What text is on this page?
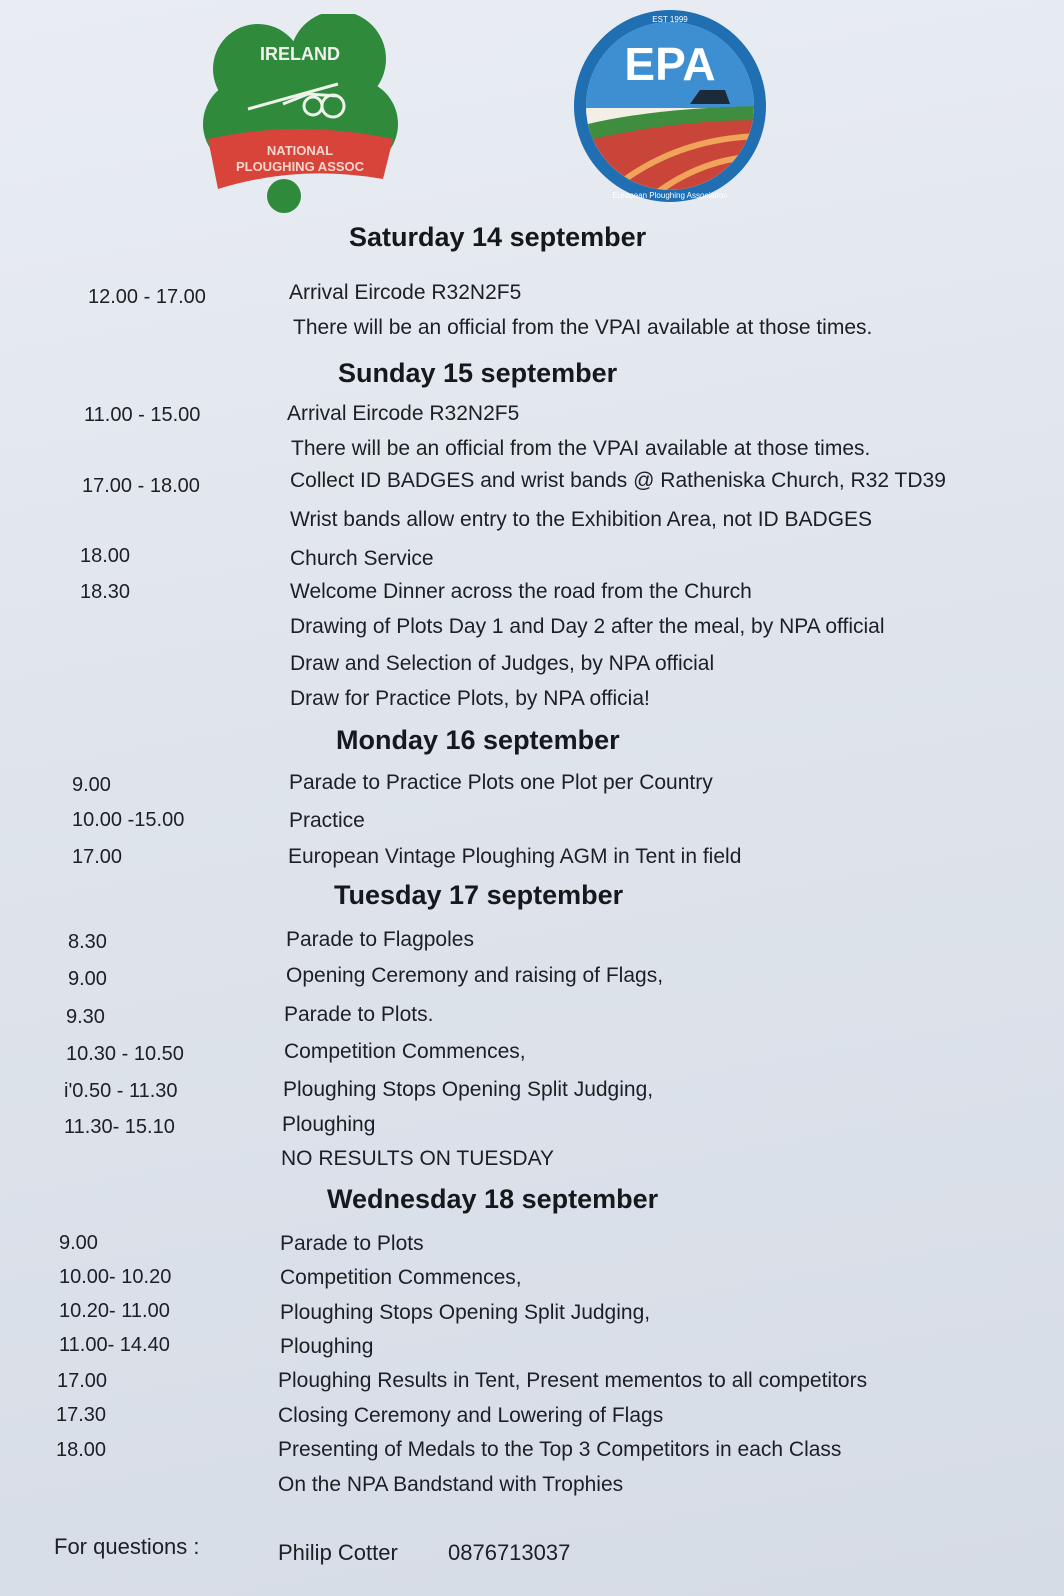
IRELAND
NATIONAL
PLOUGHING ASSOC
EPA
EST 1999
European Ploughing Association
Saturday 14 september
Sunday 15 september
Monday 16 september
Tuesday 17 september
Wednesday 18 september
12.00 - 17.00	Arrival Eircode R32N2F5
There will be an official from the VPAI available at those times.
11.00 - 15.00	Arrival Eircode R32N2F5
There will be an official from the VPAI available at those times.
17.00 - 18.00	Collect ID BADGES and wrist bands @ Ratheniska Church, R32 TD39
Wrist bands allow entry to the Exhibition Area, not ID BADGES
18.00	Church Service
18.30	Welcome Dinner across the road from the Church
Drawing of Plots Day 1 and Day 2 after the meal, by NPA official
Draw and Selection of Judges, by NPA official
Draw for Practice Plots, by NPA officia!
9.00	Parade to Practice Plots one Plot per Country
10.00 -15.00	Practice
17.00	European Vintage Ploughing AGM in Tent in field
8.30	Parade to Flagpoles
9.00	Opening Ceremony and raising of Flags,
9.30	Parade to Plots.
10.30 - 10.50	Competition Commences,
i'0.50 - 11.30	Ploughing Stops Opening Split Judging,
11.30- 15.10	Ploughing
NO RESULTS ON TUESDAY
9.00	Parade to Plots
10.00- 10.20	Competition Commences,
10.20- 11.00	Ploughing Stops Opening Split Judging,
11.00- 14.40	Ploughing
17.00	Ploughing Results in Tent, Present mementos to all competitors
17.30	Closing Ceremony and Lowering of Flags
18.00	Presenting of Medals to the Top 3 Competitors in each Class
On the NPA Bandstand with Trophies
For questions :	Philip Cotter 0876713037
